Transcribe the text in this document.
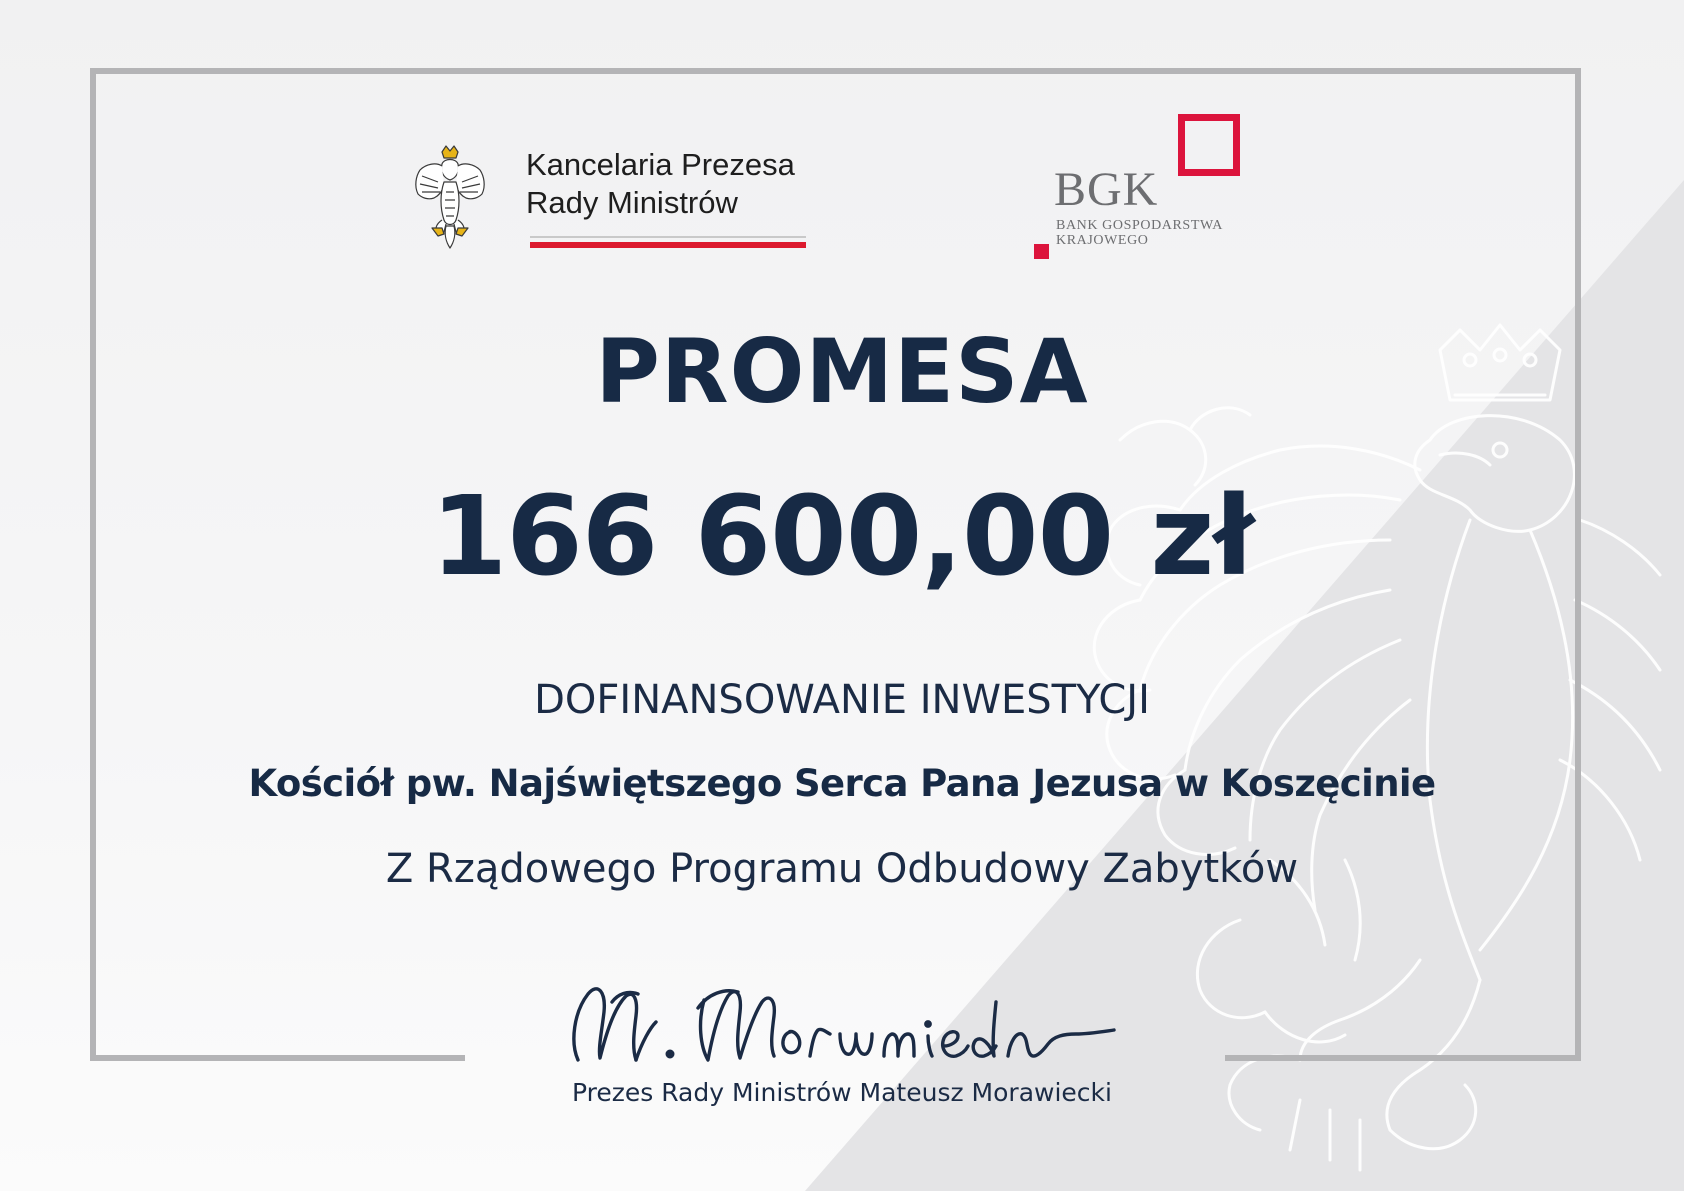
Kancelaria Prezesa
Rady Ministrów	BGK
BANK GOSPODARSTWA
KRAJOWEGO
PROMESA
166 600,00 zł
DOFINANSOWANIE INWESTYCJI
Kościół pw. Najświętszego Serca Pana Jezusa w Koszęcinie
Z Rządowego Programu Odbudowy Zabytków
Prezes Rady Ministrów Mateusz Morawiecki
